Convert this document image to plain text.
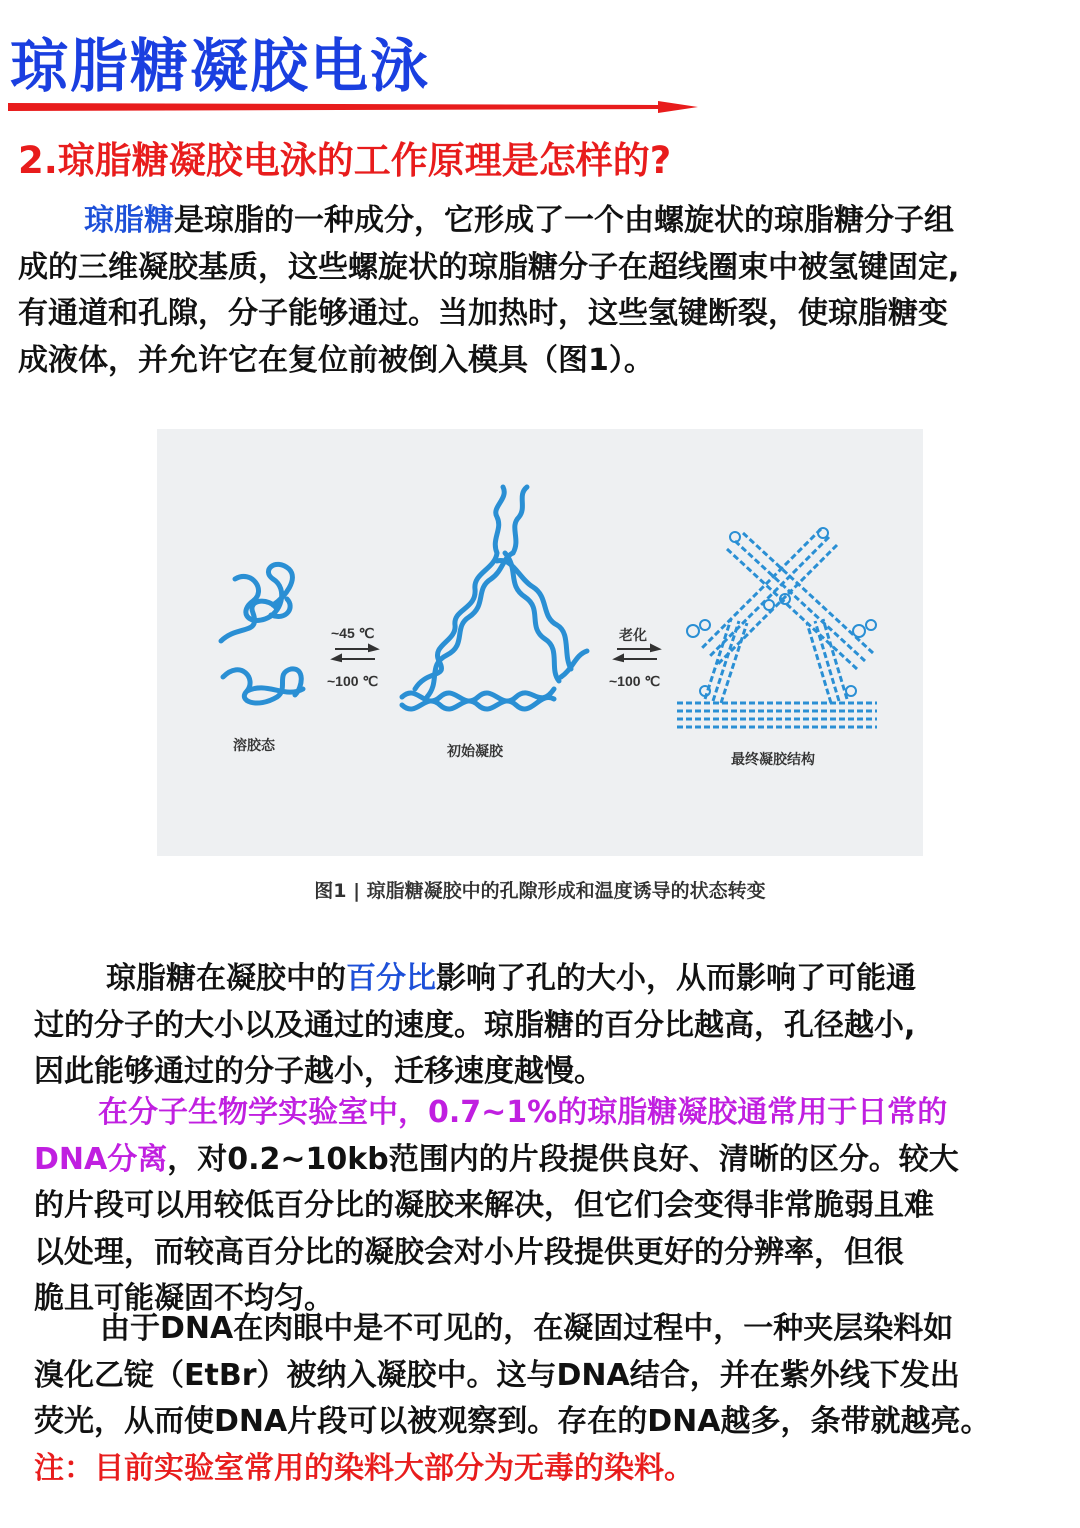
琼脂糖凝胶电泳
2.琼脂糖凝胶电泳的工作原理是怎样的?
琼脂糖是琼脂的一种成分，它形成了一个由螺旋状的琼脂糖分子组
成的三维凝胶基质，这些螺旋状的琼脂糖分子在超线圈束中被氢键固定,
有通道和孔隙，分子能够通过。当加热时，这些氢键断裂，使琼脂糖变
成液体，并允许它在复位前被倒入模具（图1）。
溶胶态	初始凝胶	最终凝胶结构
~45 ℃
~100 ℃
老化
~100 ℃
图1 | 琼脂糖凝胶中的孔隙形成和温度诱导的状态转变
琼脂糖在凝胶中的百分比影响了孔的大小，从而影响了可能通
过的分子的大小以及通过的速度。琼脂糖的百分比越高，孔径越小,
因此能够通过的分子越小，迁移速度越慢。
在分子生物学实验室中，0.7~1%的琼脂糖凝胶通常用于日常的
DNA分离，对0.2~10kb范围内的片段提供良好、清晰的区分。较大
的片段可以用较低百分比的凝胶来解决，但它们会变得非常脆弱且难
以处理，而较高百分比的凝胶会对小片段提供更好的分辨率，但很
脆且可能凝固不均匀。
由于DNA在肉眼中是不可见的，在凝固过程中，一种夹层染料如
溴化乙锭（EtBr）被纳入凝胶中。这与DNA结合，并在紫外线下发出
荧光，从而使DNA片段可以被观察到。存在的DNA越多，条带就越亮。
注：目前实验室常用的染料大部分为无毒的染料。
